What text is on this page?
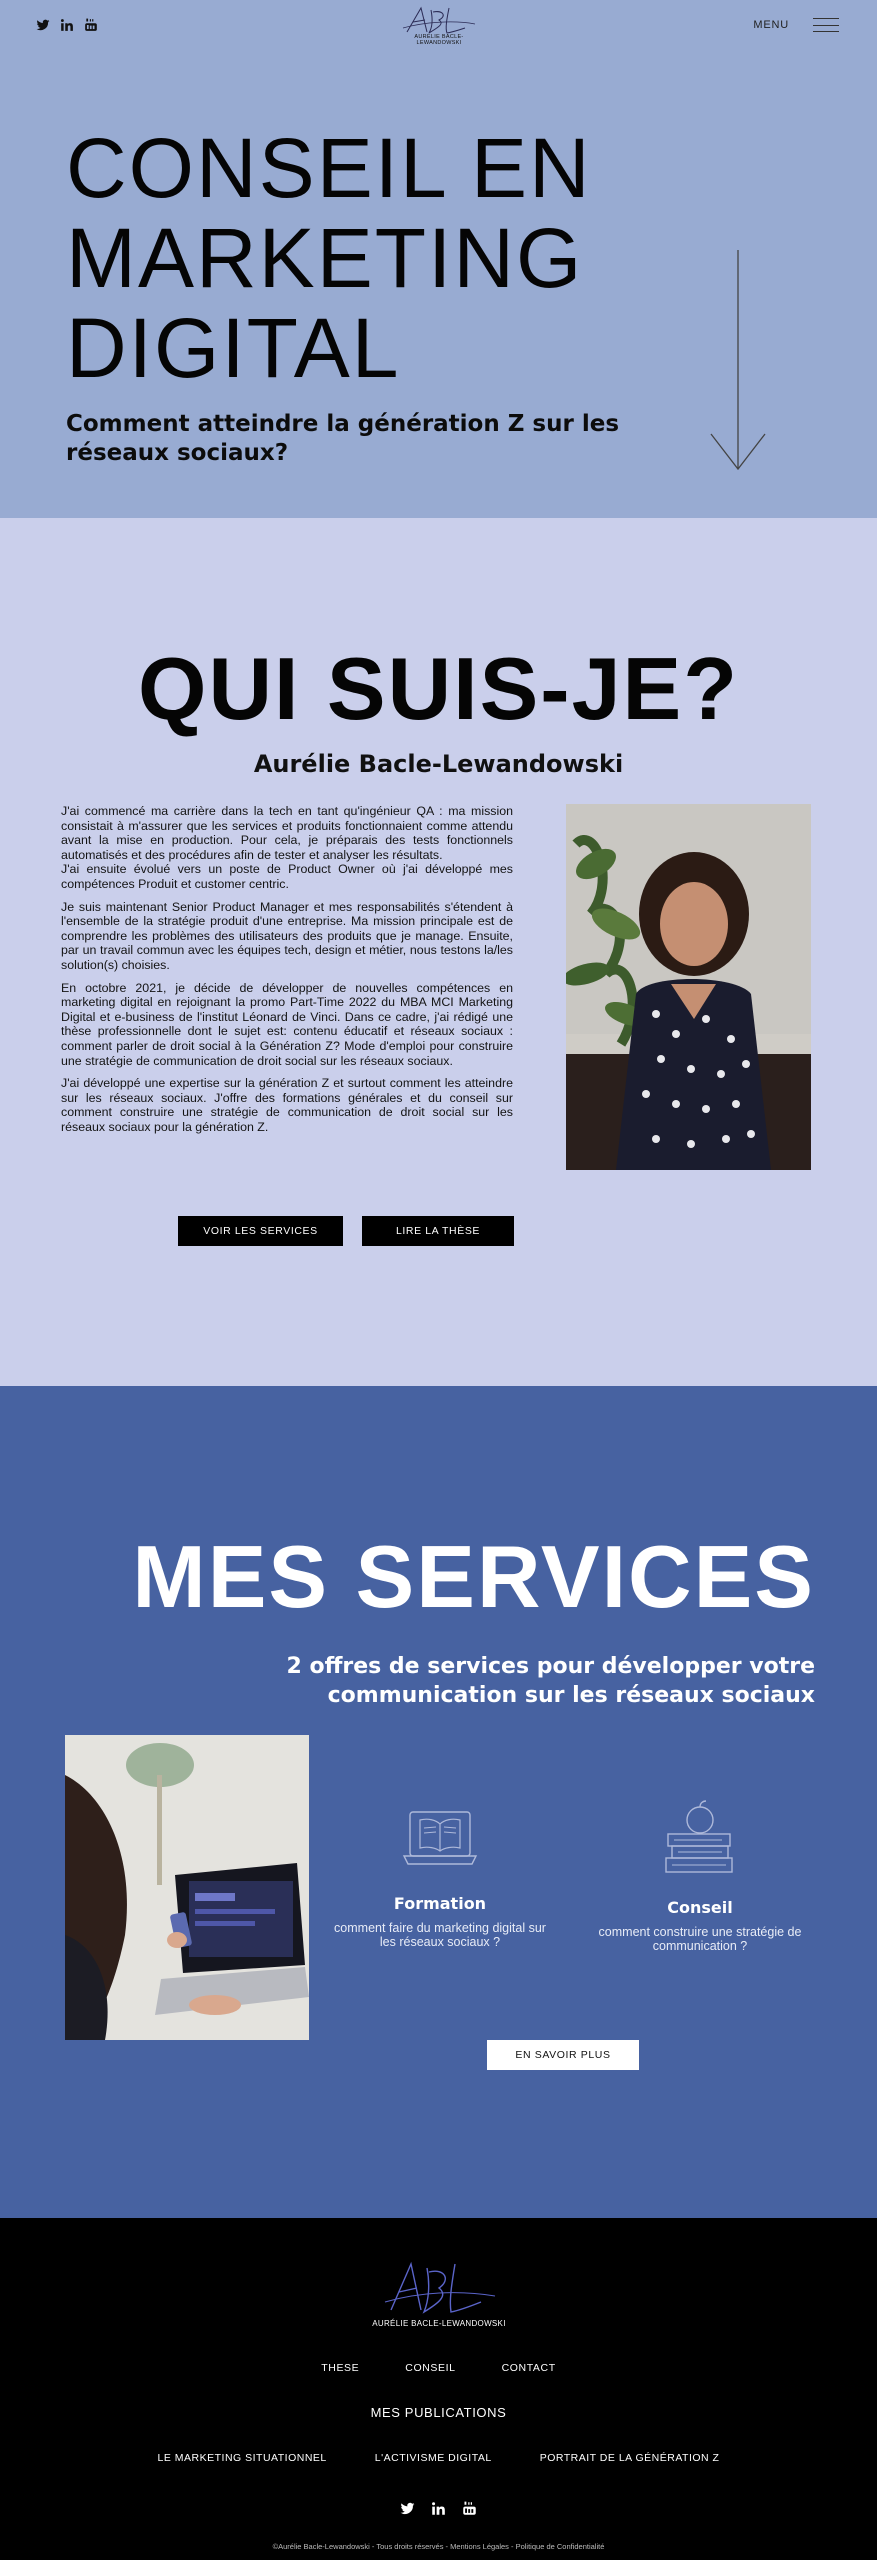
AURÉLIE BACLE-LEWANDOWSKI
MENU
CONSEIL EN
MARKETING
DIGITAL
Comment atteindre la génération Z sur les réseaux sociaux?
QUI SUIS-JE?
Aurélie Bacle-Lewandowski

J'ai commencé ma carrière dans la tech en tant qu'ingénieur QA : ma mission consistait à m'assurer que les services et produits fonctionnaient comme attendu avant la mise en production. Pour cela, je préparais des tests fonctionnels automatisés et des procédures afin de tester et analyser les résultats.
J'ai ensuite évolué vers un poste de Product Owner où j'ai développé mes compétences Produit et customer centric.

Je suis maintenant Senior Product Manager et mes responsabilités s'étendent à l'ensemble de la stratégie produit d'une entreprise. Ma mission principale est de comprendre les problèmes des utilisateurs des produits que je manage. Ensuite, par un travail commun avec les équipes tech, design et métier, nous testons la/les solution(s) choisies.

En octobre 2021, je décide de développer de nouvelles compétences en marketing digital en rejoignant la promo Part-Time 2022 du MBA MCI Marketing Digital et e-business de l'institut Léonard de Vinci. Dans ce cadre, j'ai rédigé une thèse professionnelle dont le sujet est: contenu éducatif et réseaux sociaux : comment parler de droit social à la Génération Z? Mode d'emploi pour construire une stratégie de communication de droit social sur les réseaux sociaux.

J'ai développé une expertise sur la génération Z et surtout comment les atteindre sur les réseaux sociaux. J'offre des formations générales et du conseil sur comment construire une stratégie de communication de droit social sur les réseaux sociaux pour la génération Z.

VOIR LES SERVICES	LIRE LA THÈSE
MES SERVICES
2 offres de services pour développer votre communication sur les réseaux sociaux
Formation
comment faire du marketing digital sur les réseaux sociaux ?
Conseil
comment construire une stratégie de communication ?
EN SAVOIR PLUS
AURÉLIE BACLE-LEWANDOWSKI
THESE	CONSEIL	CONTACT
MES PUBLICATIONS
LE MARKETING SITUATIONNEL	L'ACTIVISME DIGITAL	PORTRAIT DE LA GÉNÉRATION Z
©Aurélie Bacle-Lewandowski - Tous droits réservés - Mentions Légales - Politique de Confidentialité
